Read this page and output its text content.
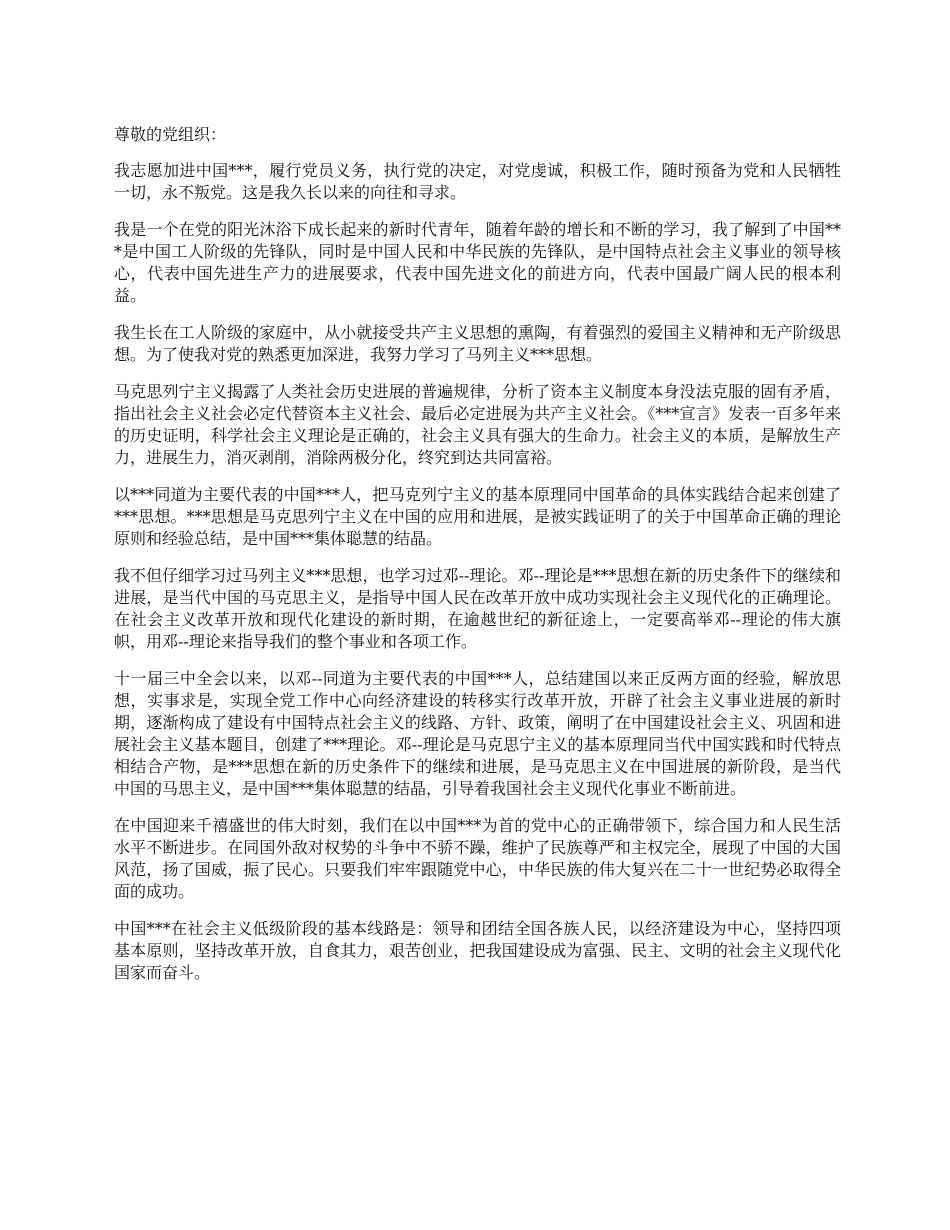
尊敬的党组织：

我志愿加进中国***，履行党员义务，执行党的决定，对党虔诚，积极工作，随时预备为党和人民牺牲一切，永不叛党。这是我久长以来的向往和寻求。

我是一个在党的阳光沐浴下成长起来的新时代青年，随着年龄的增长和不断的学习，我了解到了中国***是中国工人阶级的先锋队，同时是中国人民和中华民族的先锋队，是中国特点社会主义事业的领导核心，代表中国先进生产力的进展要求，代表中国先进文化的前进方向，代表中国最广阔人民的根本利益。

我生长在工人阶级的家庭中，从小就接受共产主义思想的熏陶，有着强烈的爱国主义精神和无产阶级思想。为了使我对党的熟悉更加深进，我努力学习了马列主义***思想。

马克思列宁主义揭露了人类社会历史进展的普遍规律，分析了资本主义制度本身没法克服的固有矛盾，指出社会主义社会必定代替资本主义社会、最后必定进展为共产主义社会。《***宣言》发表一百多年来的历史证明，科学社会主义理论是正确的，社会主义具有强大的生命力。社会主义的本质，是解放生产力，进展生力，消灭剥削，消除两极分化，终究到达共同富裕。

以***同道为主要代表的中国***人，把马克列宁主义的基本原理同中国革命的具体实践结合起来创建了***思想。***思想是马克思列宁主义在中国的应用和进展，是被实践证明了的关于中国革命正确的理论原则和经验总结，是中国***集体聪慧的结晶。

我不但仔细学习过马列主义***思想，也学习过邓--理论。邓--理论是***思想在新的历史条件下的继续和进展，是当代中国的马克思主义，是指导中国人民在改革开放中成功实现社会主义现代化的正确理论。在社会主义改革开放和现代化建设的新时期，在逾越世纪的新征途上，一定要高举邓--理论的伟大旗帜，用邓--理论来指导我们的整个事业和各项工作。

十一届三中全会以来，以邓--同道为主要代表的中国***人，总结建国以来正反两方面的经验，解放思想，实事求是，实现全党工作中心向经济建设的转移实行改革开放，开辟了社会主义事业进展的新时期，逐渐构成了建设有中国特点社会主义的线路、方针、政策，阐明了在中国建设社会主义、巩固和进展社会主义基本题目，创建了***理论。邓--理论是马克思宁主义的基本原理同当代中国实践和时代特点相结合产物，是***思想在新的历史条件下的继续和进展，是马克思主义在中国进展的新阶段，是当代中国的马思主义，是中国***集体聪慧的结晶，引导着我国社会主义现代化事业不断前进。

在中国迎来千禧盛世的伟大时刻，我们在以中国***为首的党中心的正确带领下，综合国力和人民生活水平不断进步。在同国外敌对权势的斗争中不骄不躁，维护了民族尊严和主权完全，展现了中国的大国风范，扬了国威，振了民心。只要我们牢牢跟随党中心，中华民族的伟大复兴在二十一世纪势必取得全面的成功。

中国***在社会主义低级阶段的基本线路是：领导和团结全国各族人民，以经济建设为中心，坚持四项基本原则，坚持改革开放，自食其力，艰苦创业，把我国建设成为富强、民主、文明的社会主义现代化国家而奋斗。
